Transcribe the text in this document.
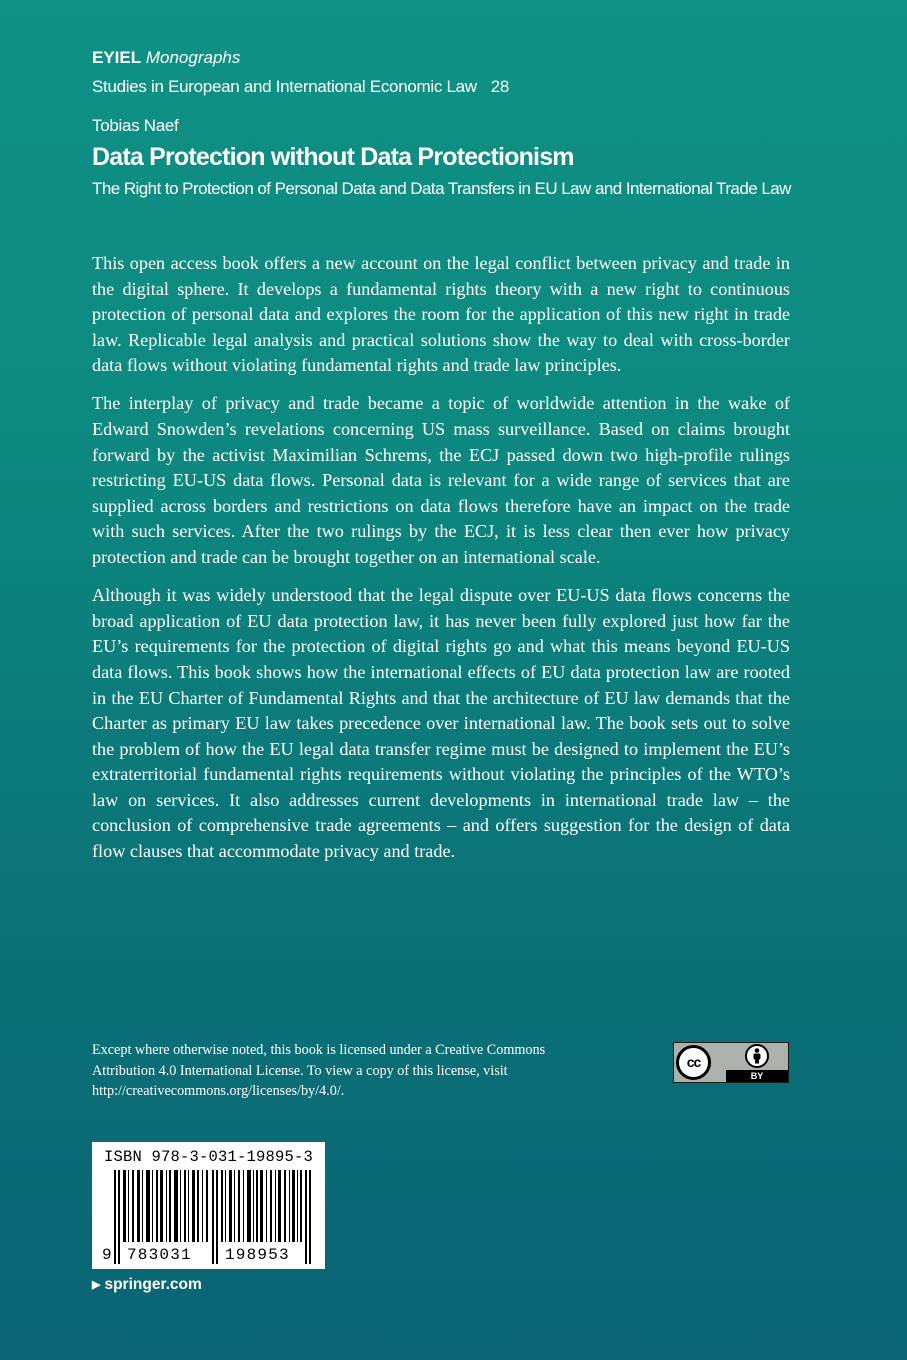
EYIEL Monographs
Studies in European and International Economic Law 28
Tobias Naef
Data Protection without Data Protectionism
The Right to Protection of Personal Data and Data Transfers in EU Law and International Trade Law

This open access book offers a new account on the legal conflict between privacy and trade in the digital sphere. It develops a fundamental rights theory with a new right to continuous protection of personal data and explores the room for the application of this new right in trade law. Replicable legal analysis and practical solutions show the way to deal with cross-border data flows without violating fundamental rights and trade law principles.

The interplay of privacy and trade became a topic of worldwide attention in the wake of Edward Snowden’s revelations concerning US mass surveillance. Based on claims brought forward by the activist Maximilian Schrems, the ECJ passed down two high-profile rulings restricting EU-US data flows. Personal data is relevant for a wide range of services that are supplied across borders and restrictions on data flows therefore have an impact on the trade with such services. After the two rulings by the ECJ, it is less clear then ever how privacy protection and trade can be brought together on an international scale.

Although it was widely understood that the legal dispute over EU-US data flows concerns the broad application of EU data protection law, it has never been fully explored just how far the EU’s requirements for the protection of digital rights go and what this means beyond EU-US data flows. This book shows how the international effects of EU data protection law are rooted in the EU Charter of Fundamental Rights and that the architecture of EU law demands that the Charter as primary EU law takes precedence over international law. The book sets out to solve the problem of how the EU legal data transfer regime must be designed to implement the EU’s extraterritorial fundamental rights requirements without violating the principles of the WTO’s law on services. It also addresses current developments in international trade law – the conclusion of comprehensive trade agreements – and offers suggestion for the design of data flow clauses that accommodate privacy and trade.

Except where otherwise noted, this book is licensed under a Creative Commons Attribution 4.0 International License. To view a copy of this license, visit http://creativecommons.org/licenses/by/4.0/.
cc
BY
ISBN 978-3-031-19895-3
9 783031 198953
▶ springer.com
